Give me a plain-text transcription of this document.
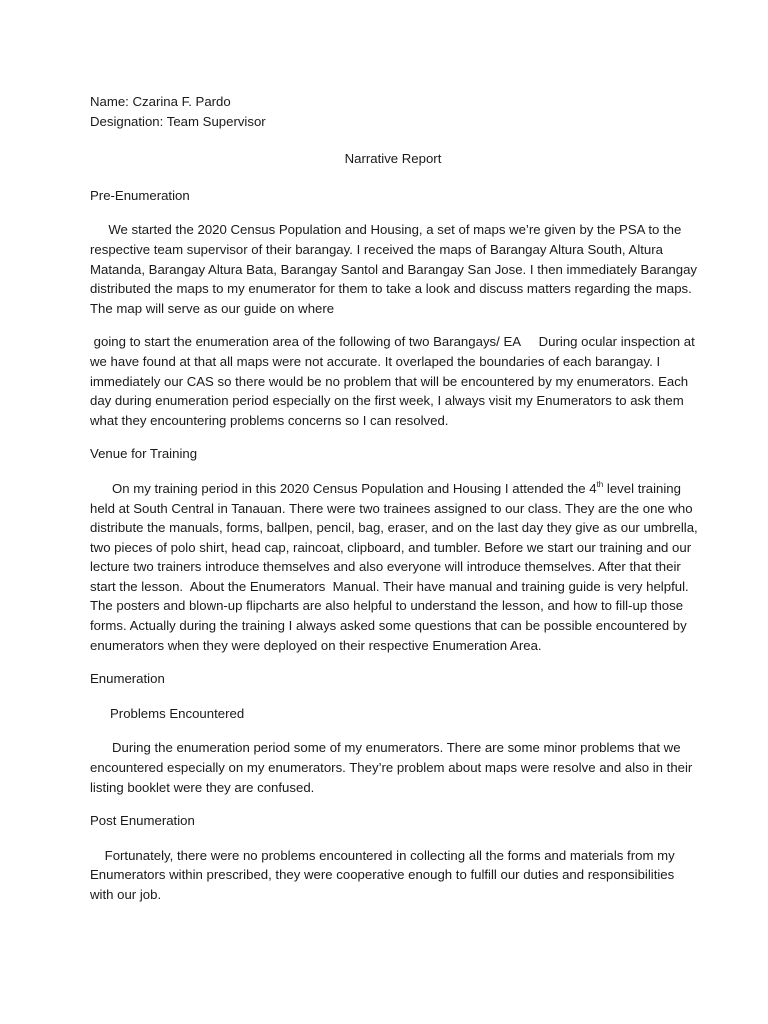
Name: Czarina F. Pardo
Designation: Team Supervisor
Narrative Report
Pre-Enumeration
We started the 2020 Census Population and Housing, a set of maps we’re given by the PSA to the
respective team supervisor of their barangay. I received the maps of Barangay Altura South, Altura
Matanda, Barangay Altura Bata, Barangay Santol and Barangay San Jose. I then immediately Barangay
distributed the maps to my enumerator for them to take a look and discuss matters regarding the maps.
The map will serve as our guide on where
going to start the enumeration area of the following of two Barangays/ EA     During ocular inspection at
we have found at that all maps were not accurate. It overlaped the boundaries of each barangay. I
immediately our CAS so there would be no problem that will be encountered by my enumerators. Each
day during enumeration period especially on the first week, I always visit my Enumerators to ask them
what they encountering problems concerns so I can resolved.
Venue for Training
On my training period in this 2020 Census Population and Housing I attended the 4th level training
held at South Central in Tanauan. There were two trainees assigned to our class. They are the one who
distribute the manuals, forms, ballpen, pencil, bag, eraser, and on the last day they give as our umbrella,
two pieces of polo shirt, head cap, raincoat, clipboard, and tumbler. Before we start our training and our
lecture two trainers introduce themselves and also everyone will introduce themselves. After that their
start the lesson.  About the Enumerators  Manual. Their have manual and training guide is very helpful.
The posters and blown-up flipcharts are also helpful to understand the lesson, and how to fill-up those
forms. Actually during the training I always asked some questions that can be possible encountered by
enumerators when they were deployed on their respective Enumeration Area.
Enumeration
Problems Encountered
During the enumeration period some of my enumerators. There are some minor problems that we
encountered especially on my enumerators. They’re problem about maps were resolve and also in their
listing booklet were they are confused.
Post Enumeration
Fortunately, there were no problems encountered in collecting all the forms and materials from my
Enumerators within prescribed, they were cooperative enough to fulfill our duties and responsibilities
with our job.
